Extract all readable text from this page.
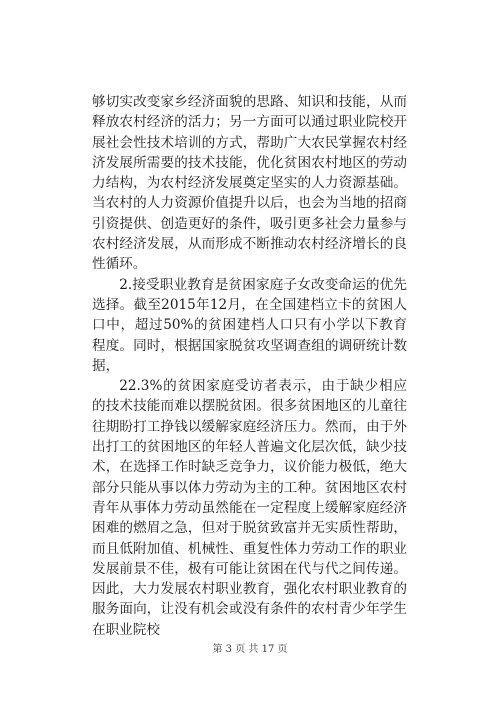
够切实改变家乡经济面貌的思路、知识和技能，从而释放农村经济的活力；另一方面可以通过职业院校开展社会性技术培训的方式，帮助广大农民掌握农村经济发展所需要的技术技能，优化贫困农村地区的劳动力结构，为农村经济发展奠定坚实的人力资源基础。当农村的人力资源价值提升以后，也会为当地的招商引资提供、创造更好的条件，吸引更多社会力量参与农村经济发展，从而形成不断推动农村经济增长的良性循环。

2.接受职业教育是贫困家庭子女改变命运的优先选择。截至2015年12月，在全国建档立卡的贫困人口中，超过50%的贫困建档人口只有小学以下教育程度。同时，根据国家脱贫攻坚调查组的调研统计数据，

22.3%的贫困家庭受访者表示，由于缺少相应的技术技能而难以摆脱贫困。很多贫困地区的儿童往往期盼打工挣钱以缓解家庭经济压力。然而，由于外出打工的贫困地区的年轻人普遍文化层次低，缺少技术，在选择工作时缺乏竞争力，议价能力极低，绝大部分只能从事以体力劳动为主的工种。贫困地区农村青年从事体力劳动虽然能在一定程度上缓解家庭经济困难的燃眉之急，但对于脱贫致富并无实质性帮助，而且低附加值、机械性、重复性体力劳动工作的职业发展前景不佳，极有可能让贫困在代与代之间传递。因此，大力发展农村职业教育，强化农村职业教育的服务面向，让没有机会或没有条件的农村青少年学生在职业院校

第 3 页 共 17 页
